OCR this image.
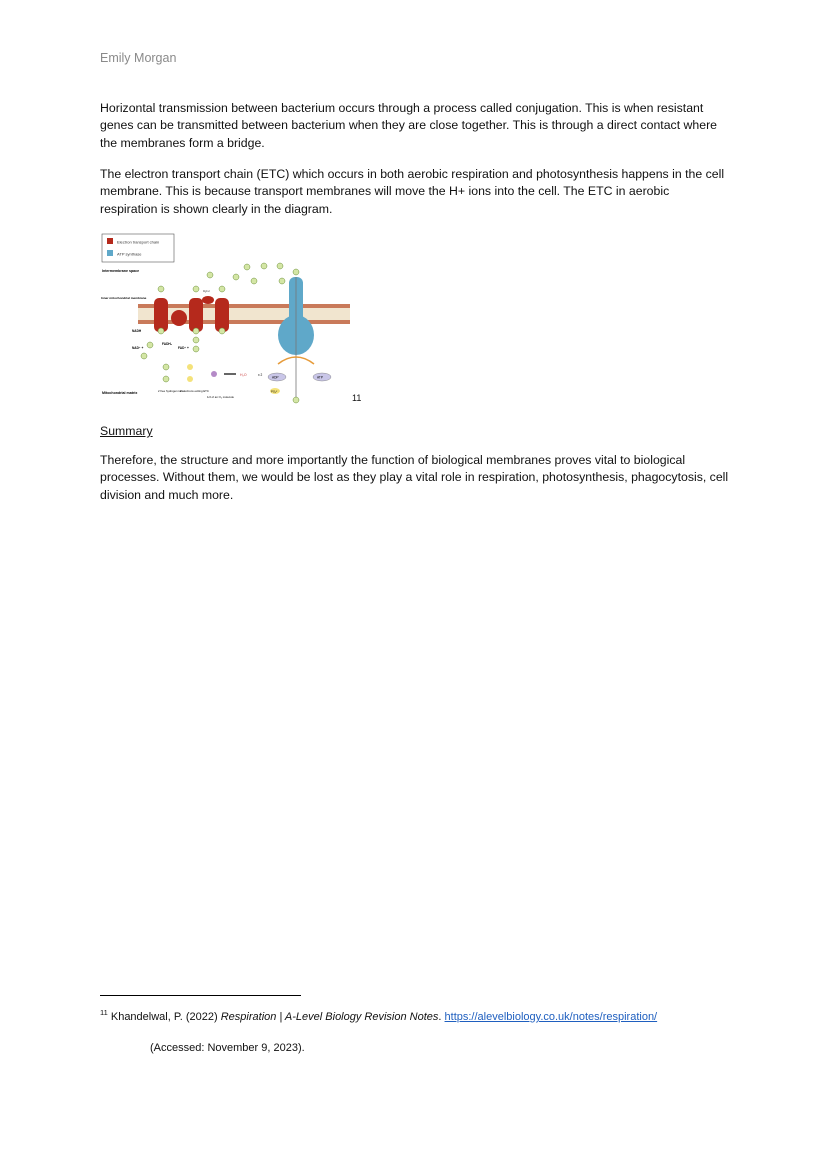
Emily Morgan

Horizontal transmission between bacterium occurs through a process called conjugation. This is when resistant genes can be transmitted between bacterium when they are close together. This is through a direct contact where the membranes form a bridge.

The electron transport chain (ETC) which occurs in both aerobic respiration and photosynthesis happens in the cell membrane. This is because transport membranes will move the H+ ions into the cell. The ETC in aerobic respiration is shown clearly in the diagram.

Electron transport chain
ATP synthase
Intermembrane space
Inner mitochondrial membrane
Mitochondrial matrix
Cyt c
NADH
NAD⁺ +
FADH₂
FAD⁺ +
H₂O	x 2
ADP	ATP
PO₄³⁻
2 free hydrogen ions
2 electrons exiting ETC
1/2 of an O₂ molecule	11
Summary

Therefore, the structure and more importantly the function of biological membranes proves vital to biological processes. Without them, we would be lost as they play a vital role in respiration, photosynthesis, phagocytosis, cell division and much more.

$^{11}$ Khandelwal, P. (2022) Respiration | A-Level Biology Revision Notes. https://alevelbiology.co.uk/notes/respiration/
(Accessed: November 9, 2023).
